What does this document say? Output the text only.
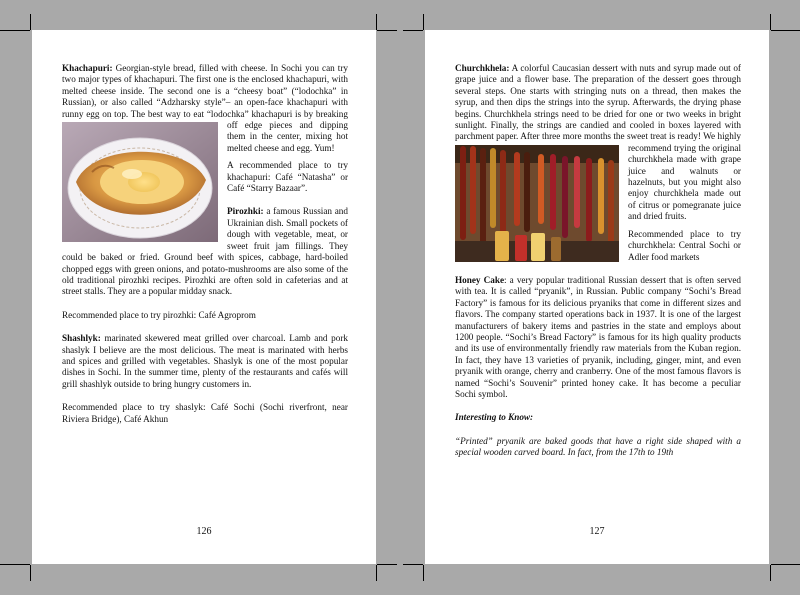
Khachapuri: Georgian-style bread, filled with cheese. In Sochi you can try two major types of khachapuri. The first one is the enclosed khachapuri, with melted cheese inside. The second one is a “cheesy boat” (“lodochka” in Russian), or also called “Adzharsky style”– an open-face khachapuri with runny egg on top. The best way to eat “lodochka” khachapuri is by breaking off edge pieces and dipping
them in the center, mixing hot melted cheese and egg. Yum!

A recommended place to try khachapuri: Café “Natasha” or Café “Starry Bazaar”.

Pirozhki: a famous Russian and Ukrainian dish. Small pockets of dough with vegetable, meat, or sweet fruit jam fillings. They could be baked or fried. Ground beef with spices, cabbage, hard-boiled chopped eggs with green onions, and potato-mushrooms are also some of the old traditional pirozhki recipes. Pirozhki are often sold in cafeterias and at street stalls. They are a popular midday snack.

Recommended place to try pirozhki: Café Agroprom

Shashlyk: marinated skewered meat grilled over charcoal. Lamb and pork shaslyk I believe are the most delicious. The meat is marinated with herbs and spices and grilled with vegetables. Shaslyk is one of the most popular dishes in Sochi. In the summer time, plenty of the restaurants and cafés will grill shashlyk outside to bring hungry customers in.

Recommended place to try shaslyk: Café Sochi (Sochi riverfront, near Riviera Bridge), Café Akhun

126

Churchkhela: A colorful Caucasian dessert with nuts and syrup made out of grape juice and a flower base. The preparation of the dessert goes through several steps. One starts with stringing nuts on a thread, then makes the syrup, and then dips the strings into the syrup. Afterwards, the drying phase begins. Churchkhela strings need to be dried for one or two weeks in bright sunlight. Finally, the strings are candied and cooled in boxes layered with parchment paper. After three more months the sweet treat is ready! We highly recommend
trying the original churchkhela made with grape juice and walnuts or hazelnuts, but you might also enjoy churchkhela made out of citrus or pomegranate juice and dried fruits.

Recommended place to try churchkhela: Central Sochi or Adler food markets

Honey Cake: a very popular traditional Russian dessert that is often served with tea. It is called “pryanik”, in Russian. Public company “Sochi’s Bread Factory” is famous for its delicious pryaniks that come in different sizes and flavors. The company started operations back in 1937. It is one of the largest manufacturers of bakery items and pastries in the state and employs about 1200 people. “Sochi’s Bread Factory” is famous for its high quality products and its use of environmentally friendly raw materials from the Kuban region. In fact, they have 13 varieties of pryanik, including, ginger, mint, and even pryanik with orange, cherry and cranberry. One of the most famous flavors is named “Sochi’s Souvenir” printed honey cake. It has become a peculiar Sochi symbol.

Interesting to Know:

“Printed” pryanik are baked goods that have a right side shaped with a special wooden carved board. In fact, from the 17th to 19th

127
